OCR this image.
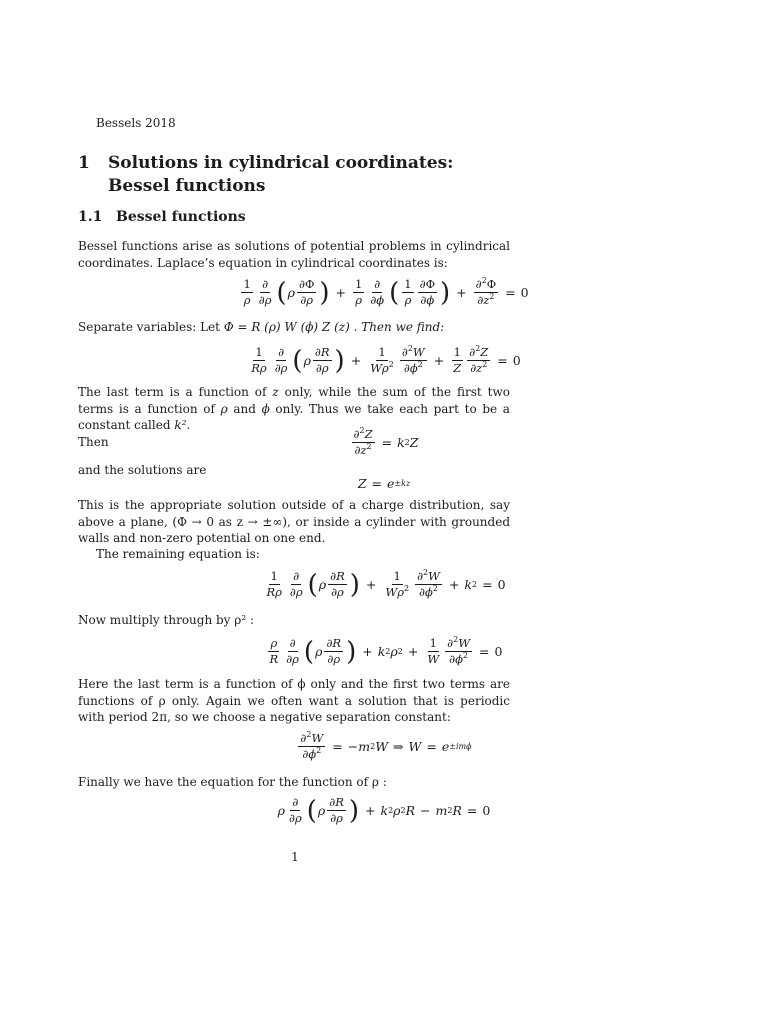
Bessels 2018
1	Solutions in cylindrical coordinates: Bessel functions
1.1 Bessel functions
Bessel functions arise as solutions of potential problems in cylindrical coordinates. Laplace’s equation in cylindrical coordinates is:
$\frac{1}{\rho} \frac{\partial}{\partial\rho}$ ( ρ $\frac{\partial\Phi}{\partial\rho}$ ) + $\frac{1}{\rho} \frac{\partial}{\partial\phi}$ ( $\frac{1}{\rho} \frac{\partial\Phi}{\partial\phi}$ ) + $\frac{\partial^2\Phi}{\partial z^2} = 0$
Separate variables: Let Φ = R (ρ) W (ϕ) Z (z) . Then we find:
$\frac{1}{R\rho} \frac{\partial}{\partial\rho}$ ( ρ $\frac{\partial R}{\partial\rho}$ ) + $\frac{1}{W\rho^2} \frac{\partial^2W}{\partial\phi^2} + \frac{1}{Z} \frac{\partial^2Z}{\partial z^2} = 0$
The last term is a function of z only, while the sum of the first two terms is a function of ρ and ϕ only. Thus we take each part to be a constant called k².
Then	$\frac{\partial^2Z}{\partial z^2} = k$ 2 Z
and the solutions are
Z = e ±kz
This is the appropriate solution outside of a charge distribution, say above a plane, (Φ → 0 as z → ±∞), or inside a cylinder with grounded walls and non-zero potential on one end.
The remaining equation is:
$\frac{1}{R\rho} \frac{\partial}{\partial\rho}$ ( ρ $\frac{\partial R}{\partial\rho}$ ) + $\frac{1}{W\rho^2} \frac{\partial^2W}{\partial\phi^2} + k$ 2 = 0
Now multiply through by ρ² :
$\frac{\rho}{R} \frac{\partial}{\partial\rho}$ ( ρ $\frac{\partial R}{\partial\rho}$ ) + k 2 ρ $2 + \frac{1}{W} \frac{\partial^2W}{\partial\phi^2} = 0$
Here the last term is a function of ϕ only and the first two terms are functions of ρ only. Again we often want a solution that is periodic with period 2π, so we choose a negative separation constant:
$\frac{\partial^2W}{\partial\phi^2}$ = − m 2 W ⇒ W = e ±imϕ
Finally we have the equation for the function of ρ :
ρ $\frac{\partial}{\partial\rho}$ ( ρ $\frac{\partial R}{\partial\rho}$ ) + k 2 ρ 2 R − m 2 R = 0
1
